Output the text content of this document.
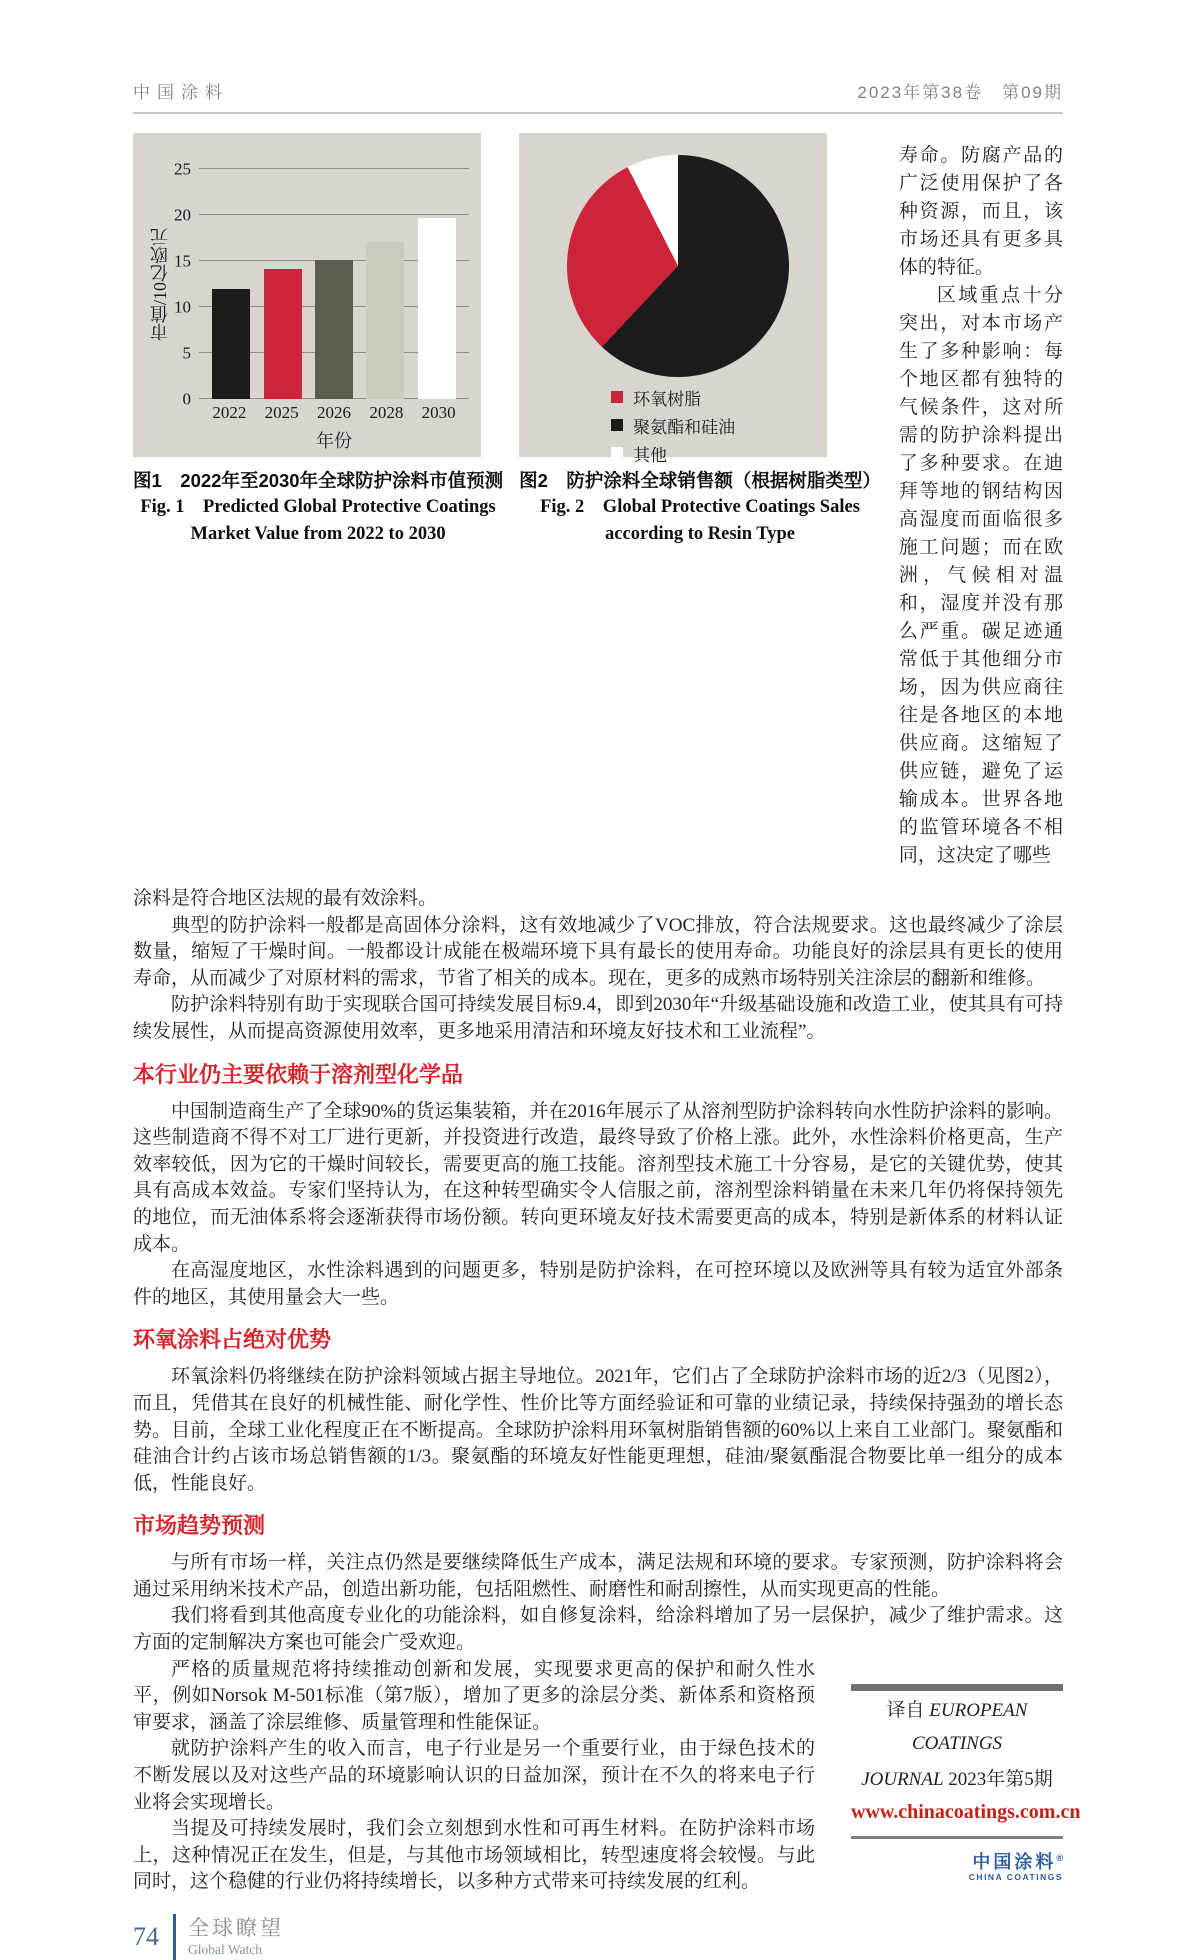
中国涂料	2023年第38卷　第09期
市值/10亿欧元
0
5
10
15
20
25
2022 2025 2026 2028 2030
年份
图1　2022年至2030年全球防护涂料市值预测
Fig. 1　Predicted Global Protective Coatings
Market Value from 2022 to 2030
环氧树脂
聚氨酯和硅油
其他
图2　防护涂料全球销售额（根据树脂类型）
Fig. 2　Global Protective Coatings Sales
according to Resin Type

寿命。防腐产品的广泛使用保护了各种资源，而且，该市场还具有更多具体的特征。

区域重点十分突出，对本市场产生了多种影响：每个地区都有独特的气候条件，这对所需的防护涂料提出了多种要求。在迪拜等地的钢结构因高湿度而面临很多施工问题；而在欧洲，气候相对温和，湿度并没有那么严重。碳足迹通常低于其他细分市场，因为供应商往往是各地区的本地供应商。这缩短了供应链，避免了运输成本。世界各地的监管环境各不相同，这决定了哪些

涂料是符合地区法规的最有效涂料。

典型的防护涂料一般都是高固体分涂料，这有效地减少了VOC排放，符合法规要求。这也最终减少了涂层数量，缩短了干燥时间。一般都设计成能在极端环境下具有最长的使用寿命。功能良好的涂层具有更长的使用寿命，从而减少了对原材料的需求，节省了相关的成本。现在，更多的成熟市场特别关注涂层的翻新和维修。

防护涂料特别有助于实现联合国可持续发展目标9.4，即到2030年“升级基础设施和改造工业，使其具有可持续发展性，从而提高资源使用效率，更多地采用清洁和环境友好技术和工业流程”。

本行业仍主要依赖于溶剂型化学品

中国制造商生产了全球90%的货运集装箱，并在2016年展示了从溶剂型防护涂料转向水性防护涂料的影响。这些制造商不得不对工厂进行更新，并投资进行改造，最终导致了价格上涨。此外，水性涂料价格更高，生产效率较低，因为它的干燥时间较长，需要更高的施工技能。溶剂型技术施工十分容易，是它的关键优势，使其具有高成本效益。专家们坚持认为，在这种转型确实令人信服之前，溶剂型涂料销量在未来几年仍将保持领先的地位，而无油体系将会逐渐获得市场份额。转向更环境友好技术需要更高的成本，特别是新体系的材料认证成本。

在高湿度地区，水性涂料遇到的问题更多，特别是防护涂料，在可控环境以及欧洲等具有较为适宜外部条件的地区，其使用量会大一些。

环氧涂料占绝对优势

环氧涂料仍将继续在防护涂料领域占据主导地位。2021年，它们占了全球防护涂料市场的近2/3（见图2），而且，凭借其在良好的机械性能、耐化学性、性价比等方面经验证和可靠的业绩记录，持续保持强劲的增长态势。目前，全球工业化程度正在不断提高。全球防护涂料用环氧树脂销售额的60%以上来自工业部门。聚氨酯和硅油合计约占该市场总销售额的1/3。聚氨酯的环境友好性能更理想，硅油/聚氨酯混合物要比单一组分的成本低，性能良好。

市场趋势预测

与所有市场一样，关注点仍然是要继续降低生产成本，满足法规和环境的要求。专家预测，防护涂料将会通过采用纳米技术产品，创造出新功能，包括阻燃性、耐磨性和耐刮擦性，从而实现更高的性能。

我们将看到其他高度专业化的功能涂料，如自修复涂料，给涂料增加了另一层保护，减少了维护需求。这方面的定制解决方案也可能会广受欢迎。

译自 EUROPEAN COATINGS
JOURNAL 2023年第5期
www.chinacoatings.com.cn
中国涂料®
CHINA COATINGS

严格的质量规范将持续推动创新和发展，实现要求更高的保护和耐久性水平，例如Norsok M-501标准（第7版），增加了更多的涂层分类、新体系和资格预审要求，涵盖了涂层维修、质量管理和性能保证。

就防护涂料产生的收入而言，电子行业是另一个重要行业，由于绿色技术的不断发展以及对这些产品的环境影响认识的日益加深，预计在不久的将来电子行业将会实现增长。

当提及可持续发展时，我们会立刻想到水性和可再生材料。在防护涂料市场上，这种情况正在发生，但是，与其他市场领域相比，转型速度将会较慢。与此同时，这个稳健的行业仍将持续增长，以多种方式带来可持续发展的红利。

74 全球瞭望
Global Watch
